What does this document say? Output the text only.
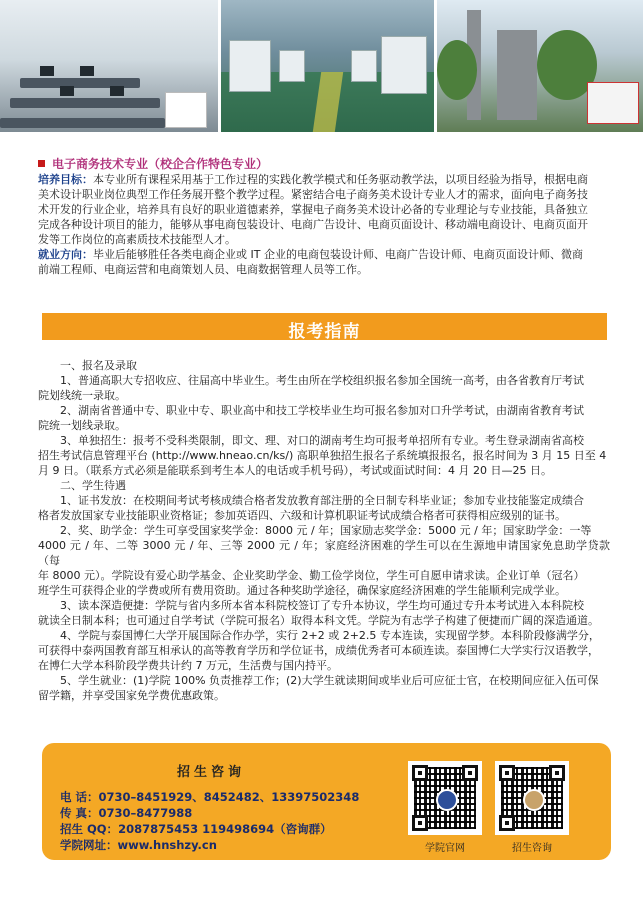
电子商务技术专业（校企合作特色专业）
培养目标：本专业所有课程采用基于工作过程的实践化教学模式和任务驱动教学法，以项目经验为指导，根据电商
美术设计职业岗位典型工作任务展开整个教学过程。紧密结合电子商务美术设计专业人才的需求，面向电子商务技
术开发的行业企业，培养具有良好的职业道德素养，掌握电子商务美术设计必备的专业理论与专业技能，具备独立
完成各种设计项目的能力，能够从事电商包装设计、电商广告设计、电商页面设计、移动端电商设计、电商页面开
发等工作岗位的高素质技术技能型人才。
就业方向：毕业后能够胜任各类电商企业或 IT 企业的电商包装设计师、电商广告设计师、电商页面设计师、微商
前端工程师、电商运营和电商策划人员、电商数据管理人员等工作。
报考指南

一、报名及录取

1、普通高职大专招收应、往届高中毕业生。考生由所在学校组织报名参加全国统一高考，由各省教育厅考试

院划线统一录取。

2、湖南省普通中专、职业中专、职业高中和技工学校毕业生均可报名参加对口升学考试，由湖南省教育考试

院统一划线录取。

3、单独招生：报考不受科类限制，即文、理、对口的湖南考生均可报考单招所有专业。考生登录湖南省高校

招生考试信息管理平台 (http://www.hneao.cn/ks/) 高职单独招生报名子系统填报报名，报名时间为 3 月 15 日至 4

月 9 日。（联系方式必须是能联系到考生本人的电话或手机号码），考试或面试时间：4 月 20 日—25 日。

二、学生待遇

1、证书发放：在校期间考试考核成绩合格者发放教育部注册的全日制专科毕业证；参加专业技能鉴定成绩合

格者发放国家专业技能职业资格证；参加英语四、六级和计算机职证考试成绩合格者可获得相应级别的证书。

2、奖、助学金：学生可享受国家奖学金：8000 元 / 年；国家励志奖学金：5000 元 / 年；国家助学金：一等

4000 元 / 年、二等 3000 元 / 年、三等 2000 元 / 年；家庭经济困难的学生可以在生源地申请国家免息助学贷款（每

年 8000 元）。学院设有爱心助学基金、企业奖助学金、勤工俭学岗位，学生可自愿申请求读。企业订单（冠名）

班学生可获得企业的学费或所有费用资助。通过各种奖助学途径，确保家庭经济困难的学生能顺利完成学业。

3、读本深造便捷：学院与省内多所本省本科院校签订了专升本协议，学生均可通过专升本考试进入本科院校

就读全日制本科；也可通过自学考试（学院可报名）取得本科文凭。学院为有志学子构建了便捷而广阔的深造通道。

4、学院与泰国博仁大学开展国际合作办学，实行 2+2 或 2+2.5 专本连读，实现留学梦。本科阶段修满学分，

可获得中泰两国教育部互相承认的高等教育学历和学位证书，成绩优秀者可本硕连读。泰国博仁大学实行汉语教学，

在博仁大学本科阶段学费共计约 7 万元，生活费与国内持平。

5、学生就业：(1)学院 100% 负责推荐工作；(2)大学生就读期间或毕业后可应征士官，在校期间应征入伍可保

留学籍，并享受国家免学费优惠政策。

招生咨询
电 话：0730–8451929、8452482、13397502348
传 真：0730–8477988
招生 QQ：2087875453 119498694（咨询群）
学院网址：www.hnshzy.cn	学院官网	招生咨询
